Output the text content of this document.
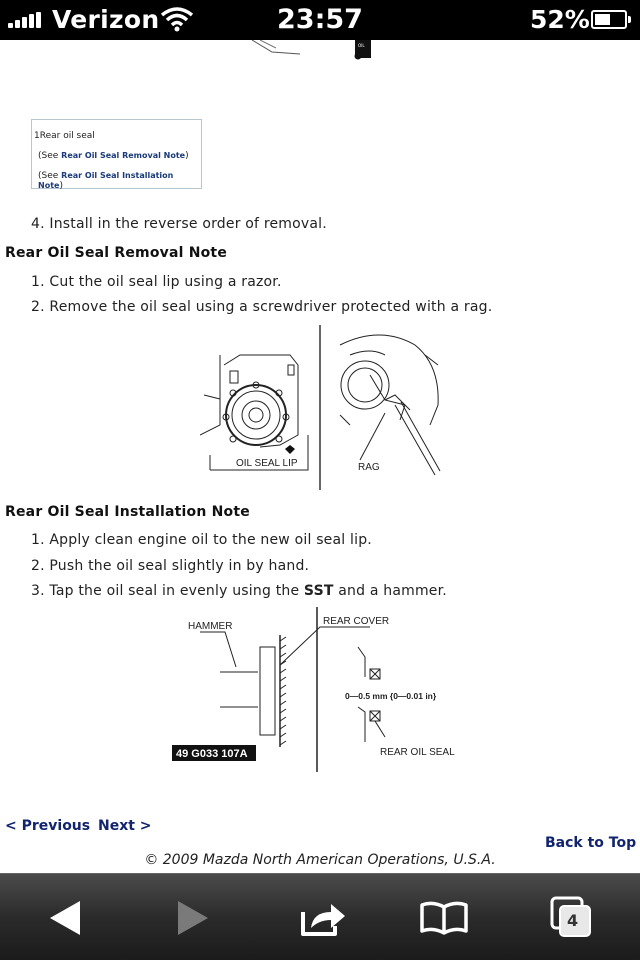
Verizon	23:57	52%
OIL
1Rear oil seal
(See Rear Oil Seal Removal Note)
(See Rear Oil Seal Installation Note)
4. Install in the reverse order of removal.
Rear Oil Seal Removal Note
1. Cut the oil seal lip using a razor.
2. Remove the oil seal using a screwdriver protected with a rag.
OIL SEAL LIP	RAG
Rear Oil Seal Installation Note
1. Apply clean engine oil to the new oil seal lip.
2. Push the oil seal slightly in by hand.
3. Tap the oil seal in evenly using the SST and a hammer.
HAMMER	REAR COVER
0—0.5 mm {0—0.01 in}
REAR OIL SEAL
49 G033 107A
< Previous Next >
Back to Top
© 2009 Mazda North American Operations, U.S.A.
4
